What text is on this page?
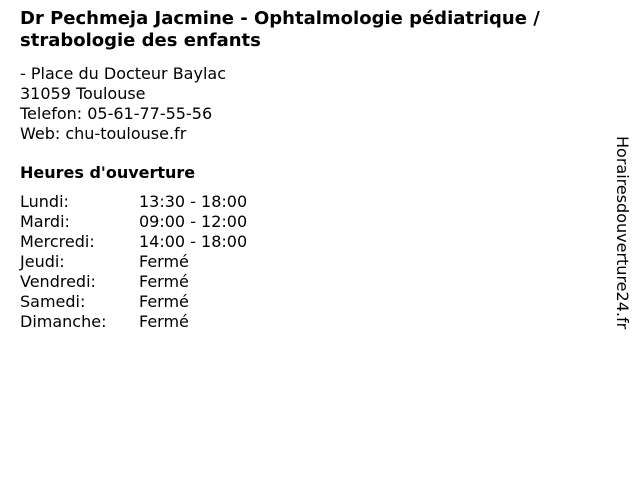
Dr Pechmeja Jacmine - Ophtalmologie pédiatrique / strabologie des enfants
- Place du Docteur Baylac
31059 Toulouse
Telefon: 05-61-77-55-56
Web: chu-toulouse.fr
Heures d'ouverture
Lundi:	13:30 - 18:00
Mardi:	09:00 - 12:00
Mercredi:	14:00 - 18:00
Jeudi:	Fermé
Vendredi:	Fermé
Samedi:	Fermé
Dimanche:	Fermé	Horairesdouverture24.fr
